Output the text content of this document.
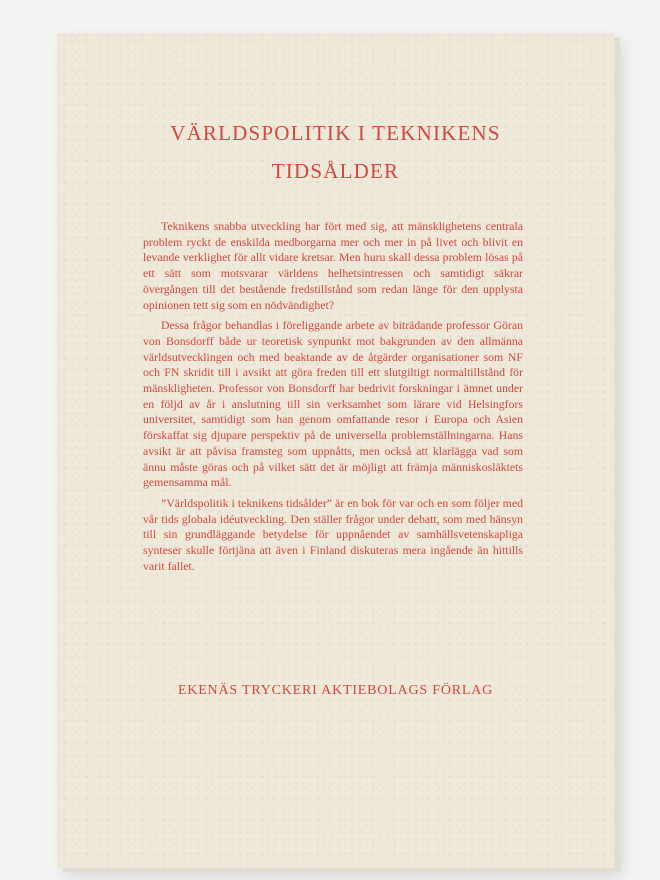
VÄRLDSPOLITIK I TEKNIKENS
TIDSÅLDER

Teknikens snabba utveckling har fört med sig, att mänsklighetens centrala problem ryckt de enskilda medborgarna mer och mer in på livet och blivit en levande verklighet för allt vidare kretsar. Men huru skall dessa problem lösas på ett sätt som motsvarar världens helhetsintressen och samtidigt säkrar övergången till det bestående fredstillstånd som redan länge för den upplysta opinionen tett sig som en nödvändighet?

Dessa frågor behandlas i föreliggande arbete av biträdande professor Göran von Bonsdorff både ur teoretisk synpunkt mot bakgrunden av den allmänna världsutvecklingen och med beaktande av de åtgärder organisationer som NF och FN skridit till i avsikt att göra freden till ett slutgiltigt normaltillstånd för mänskligheten. Professor von Bonsdorff har bedrivit forskningar i ämnet under en följd av år i anslutning till sin verksamhet som lärare vid Helsingfors universitet, samtidigt som han genom omfattande resor i Europa och Asien förskaffat sig djupare perspektiv på de universella problemställningarna. Hans avsikt är att påvisa framsteg som uppnåtts, men också att klarlägga vad som ännu måste göras och på vilket sätt det är möjligt att främja människosläktets gemensamma mål.

”Världspolitik i teknikens tidsålder” är en bok för var och en som följer med vår tids globala idéutveckling. Den ställer frågor under debatt, som med hänsyn till sin grundläggande betydelse för uppnåendet av samhällsvetenskapliga synteser skulle förtjäna att även i Finland diskuteras mera ingående än hittills varit fallet.

EKENÄS TRYCKERI AKTIEBOLAGS FÖRLAG
